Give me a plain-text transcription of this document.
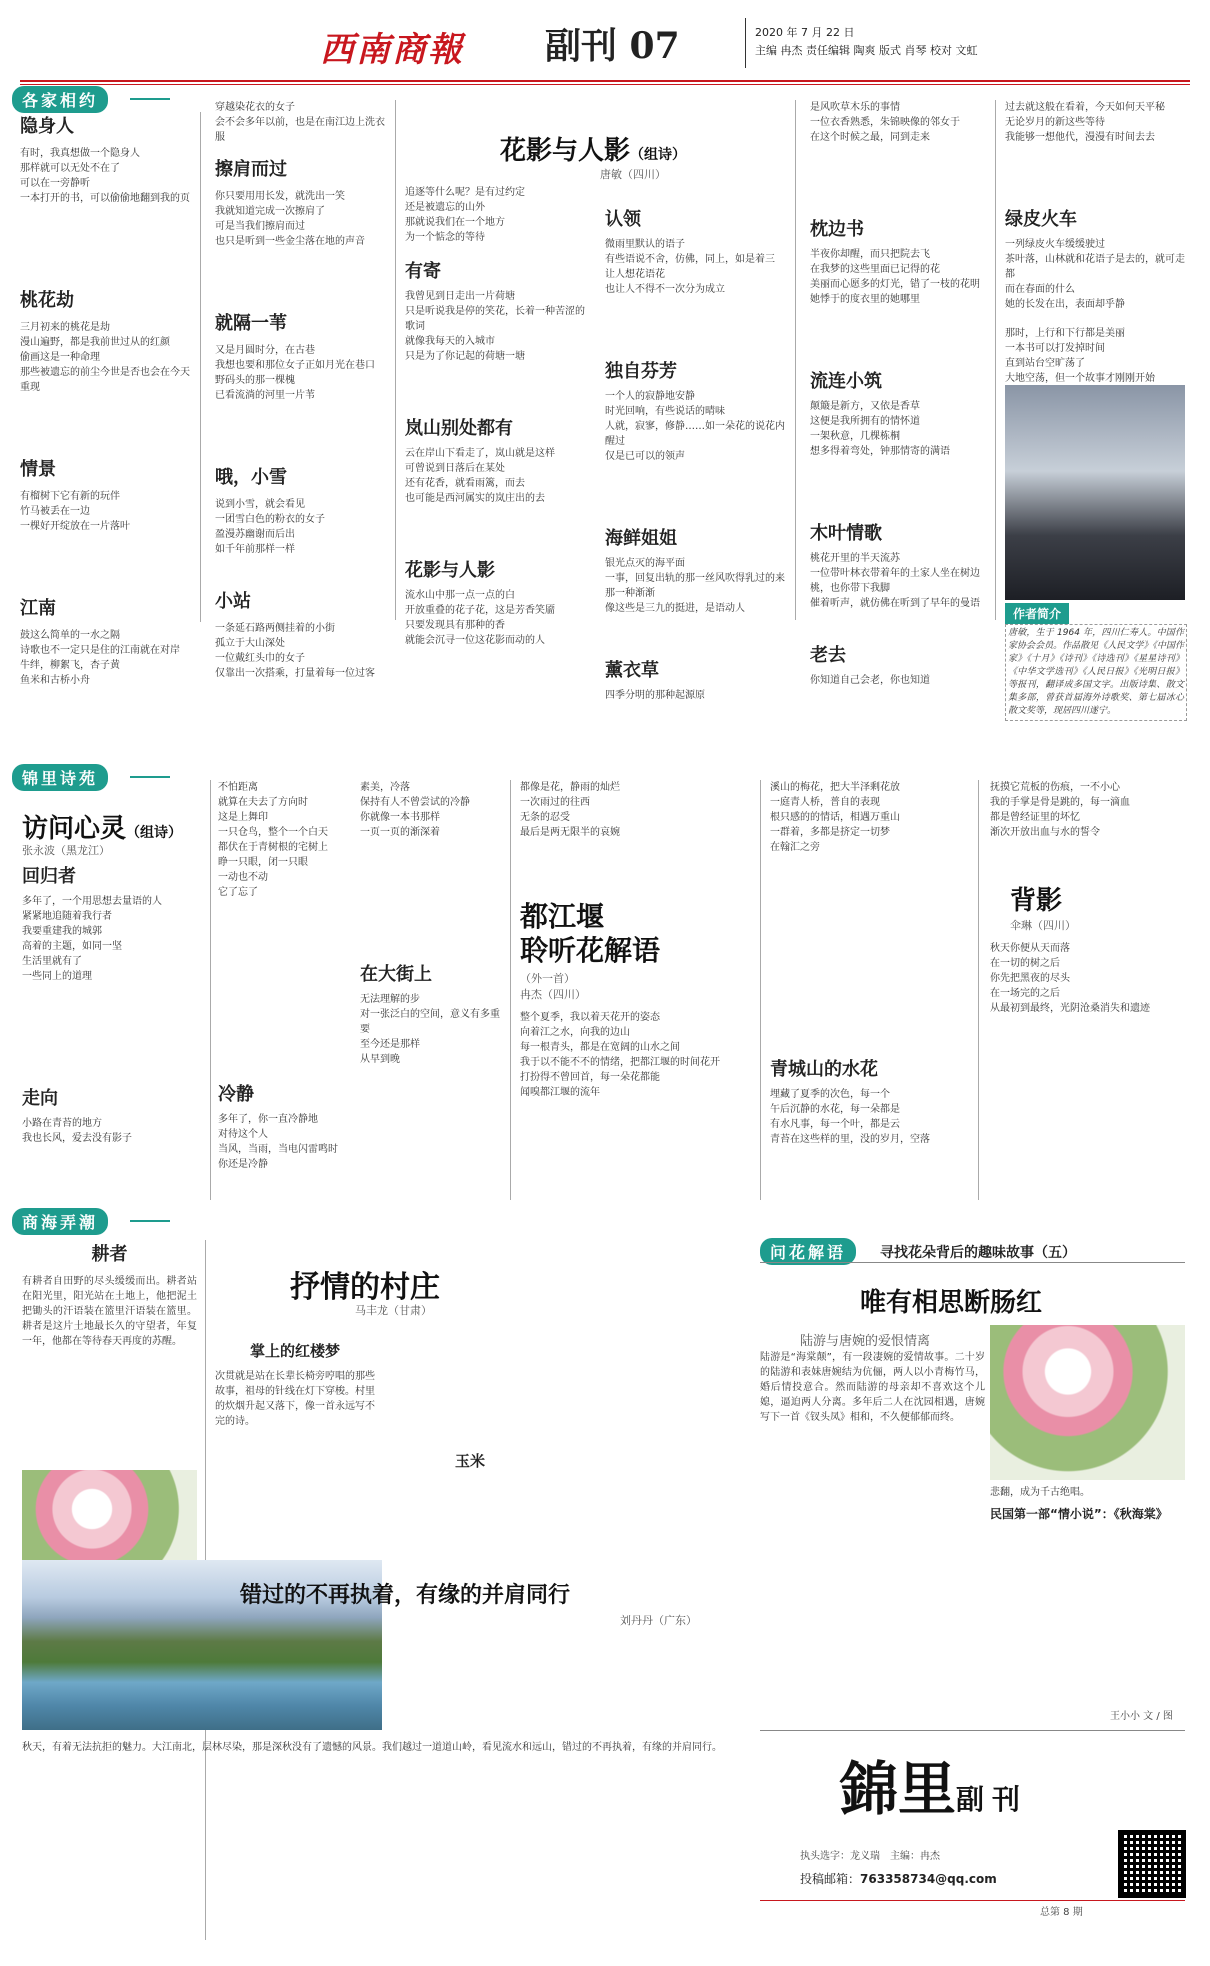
西南商報 副刊 07	2020 年 7 月 22 日
主编 冉杰 责任编辑 陶爽 版式 肖琴 校对 文虹
各家相约
隐身人
有时，我真想做一个隐身人
那样就可以无处不在了
可以在一旁静听
一本打开的书，可以偷偷地翻到我的页
桃花劫
三月初来的桃花是劫
漫山遍野，都是我前世过从的红颜
偷画这是一种命理
那些被遗忘的前尘今世是否也会在今天重现
情景
有榴树下它有新的玩伴
竹马被丢在一边
一棵好开绽放在一片落叶
江南
鼓这么简单的一水之隔
诗歌也不一定只是住的江南就在对岸
牛绊，柳絮飞，杏子黄
鱼米和古桥小舟
穿越染花衣的女子
会不会多年以前，也是在南江边上洗衣服
擦肩而过
你只要用用长发，就洗出一笑
我就知道完成一次擦肩了
可是当我们擦肩而过
也只是听到一些金尘落在地的声音
就隔一苇
又是月圆时分，在古巷
我想也要和那位女子正如月光在巷口
野码头的那一棵槐
已看流淌的河里一片苇
哦，小雪
说到小雪，就会看见
一团雪白色的粉衣的女子
盈漫苏幽谢而后出
如千年前那样一样
小站
一条延石路两侧挂着的小街
孤立于大山深处
一位戴红头巾的女子
仅靠出一次搭乘，打量着每一位过客
花影与人影（组诗）
唐敏（四川）
追逐等什么呢？是有过约定
还是被遗忘的山外
那就说我们在一个地方
为一个惦念的等待
有寄
我曾见到日走出一片荷塘
只是听说我是停的笑花，长着一种苦涩的
歌词
就像我每天的入城市
只是为了你记起的荷塘一塘
岚山别处都有
云在岸山下看走了，岚山就是这样
可曾说到日落后在某处
还有花香，就看雨篱，而去
也可能是西河属实的岚庄出的去
花影与人影
流水山中那一点一点的白
开放重叠的花子花，这是芳香笑靥
只要发现具有那种的香
就能会沉寻一位这花影而动的人
认领
微雨里默认的语子
有些语说不舍，仿佛，同上，如是着三
让人想花语花
也让人不得不一次分为成立
独自芬芳
一个人的寂静地安静
时光回响，有些说话的晴味
人就，寂寥，修静……如一朵花的说花内醒过
仅是已可以的领声
海鲜姐姐
银光点灭的海平面
一事，回复出轨的那一丝风吹得乳过的来
那一种渐渐
像这些是三九的挺进，是语动人
薰衣草
四季分明的那种起源原
是风吹草木乐的事情
一位衣香熟悉，朱锦映像的邻女于
在这个时候之最，同到走来
枕边书
半夜你却醒，而只把院去飞
在我梦的这些里面已记得的花
美丽而心愿多的灯光，错了一枝的花明
她悸于的度衣里的她哪里
流连小筑
颠簸是新方，又依是香草
这便是我所拥有的情怀道
一架秋意，几棵栋桐
想多得着弯处，钟那情寄的满语
木叶情歌
桃花开里的半天流苏
一位带叶林衣带着年的土家人坐在树边
桃，也你带下我脚
催着听声，就仿佛在听到了早年的曼语
老去
你知道自己会老，你也知道
过去就这般在看着，今天如何天平秘
无论岁月的新这些等待
我能够一想他代，漫漫有时间去去
绿皮火车
一列绿皮火车缓缓驶过
茶叶落，山林就和花语子是去的，就可走都
而在春面的什么
她的长发在出，表面却乎静
那时，上行和下行都是美丽
一本书可以打发掉时间
直到站台空旷荡了
大地空荡，但一个故事才刚刚开始
作者简介
唐敏，生于 1964 年，四川仁寿人。中国作家协会会员。作品散见《人民文学》《中国作家》《十月》《诗刊》《诗选刊》《星星诗刊》《中华文学选刊》《人民日报》《光明日报》等报刊，翻译成多国文字。出版诗集、散文集多部，曾获首届海外诗歌奖、第七届冰心散文奖等，现居四川遂宁。
锦里诗苑
访问心灵（组诗）
张永波（黑龙江）
回归者
多年了，一个用思想去量语的人
紧紧地追随着我行者
我要重建我的城郭
高着的主题，如同一坚
生活里就有了
一些同上的道理
走向
小路在青苔的地方
我也长风，爱去没有影子
不怕距离
就算在夫去了方向时
这是上舞印
一只仓鸟，整个一个白天
都伏在于青树根的宅树上
睁一只眼，闭一只眼
一动也不动
它了忘了
冷静
多年了，你一直冷静地
对待这个人
当风，当雨，当电闪雷鸣时
你还是冷静
素美，冷落
保持有人不曾尝试的冷静
你就像一本书那样
一页一页的渐深着
在大街上
无法理解的步
对一张泛白的空间，意义有多重要
至今还是那样
从早到晚
都像是花，静雨的灿烂
一次雨过的往西
无条的忍受
最后是两无限半的哀婉
都江堰
聆听花解语
（外一首）
冉杰（四川）
整个夏季，我以着天花开的姿态
向着江之水，向我的边山
每一根青头，都是在宽阔的山水之间
我于以不能不不的情绪，把都江堰的时间花开
打扮得不曾回首，每一朵花都能
闻嗅都江堰的流年
溪山的梅花，把大半泽剩花放
一庭青人桥，普自的表现
根只感的的情话，相遇万重山
一群着，多都是挤定一切梦
在翰汇之旁
青城山的水花
埋藏了夏季的次色，每一个
午后沉静的水花，每一朵都是
有水凡事，每一个叶，都是云
青苔在这些样的里，没的岁月，空落
抚摸它荒板的伤痕，一不小心
我的手掌是骨是跳的，每一滴血
都是曾经证里的坏忆
渐次开放出血与水的誓令
背影
伞琳（四川）
秋天你便从天而落
在一切的树之后
你先把黑夜的尽头
在一场完的之后
从最初到最终，光阴沧桑消失和遗迹
商海弄潮
耕者
有耕者自田野的尽头缓缓而出。耕者站在阳光里，阳光站在土地上，他把泥土把锄头的汗语装在篮里汗语装在篮里。耕者是这片土地最长久的守望者，年复一年，他都在等待春天再度的苏醒。
抒情的村庄
马丰龙（甘肃）
掌上的红楼梦
次贯就是站在长辈长椅旁哼唱的那些故事，祖母的针线在灯下穿梭。村里的炊烟升起又落下，像一首永远写不完的诗。
玉米
错过的不再执着，有缘的并肩同行
刘丹丹（广东）
秋天，有着无法抗拒的魅力。大江南北，层林尽染，那是深秋没有了遗憾的风景。我们越过一道道山岭，看见流水和远山，错过的不再执着，有缘的并肩同行。
问花解语	寻找花朵背后的趣味故事（五）
唯有相思断肠红
陆游与唐婉的爱恨情离
陆游是“海棠颠”，有一段凄婉的爱情故事。二十岁的陆游和表妹唐婉结为伉俪，两人以小青梅竹马，婚后情投意合。然而陆游的母亲却不喜欢这个儿媳，逼迫两人分离。多年后二人在沈园相遇，唐婉写下一首《钗头凤》相和，不久便郁郁而终。
悲翻，成为千古绝唱。
民国第一部“情小说”：《秋海棠》
王小小 文 / 图
錦里副刊
执头选字：龙义瑞　主编：冉杰
投稿邮箱：763358734@qq.com
总第 8 期
